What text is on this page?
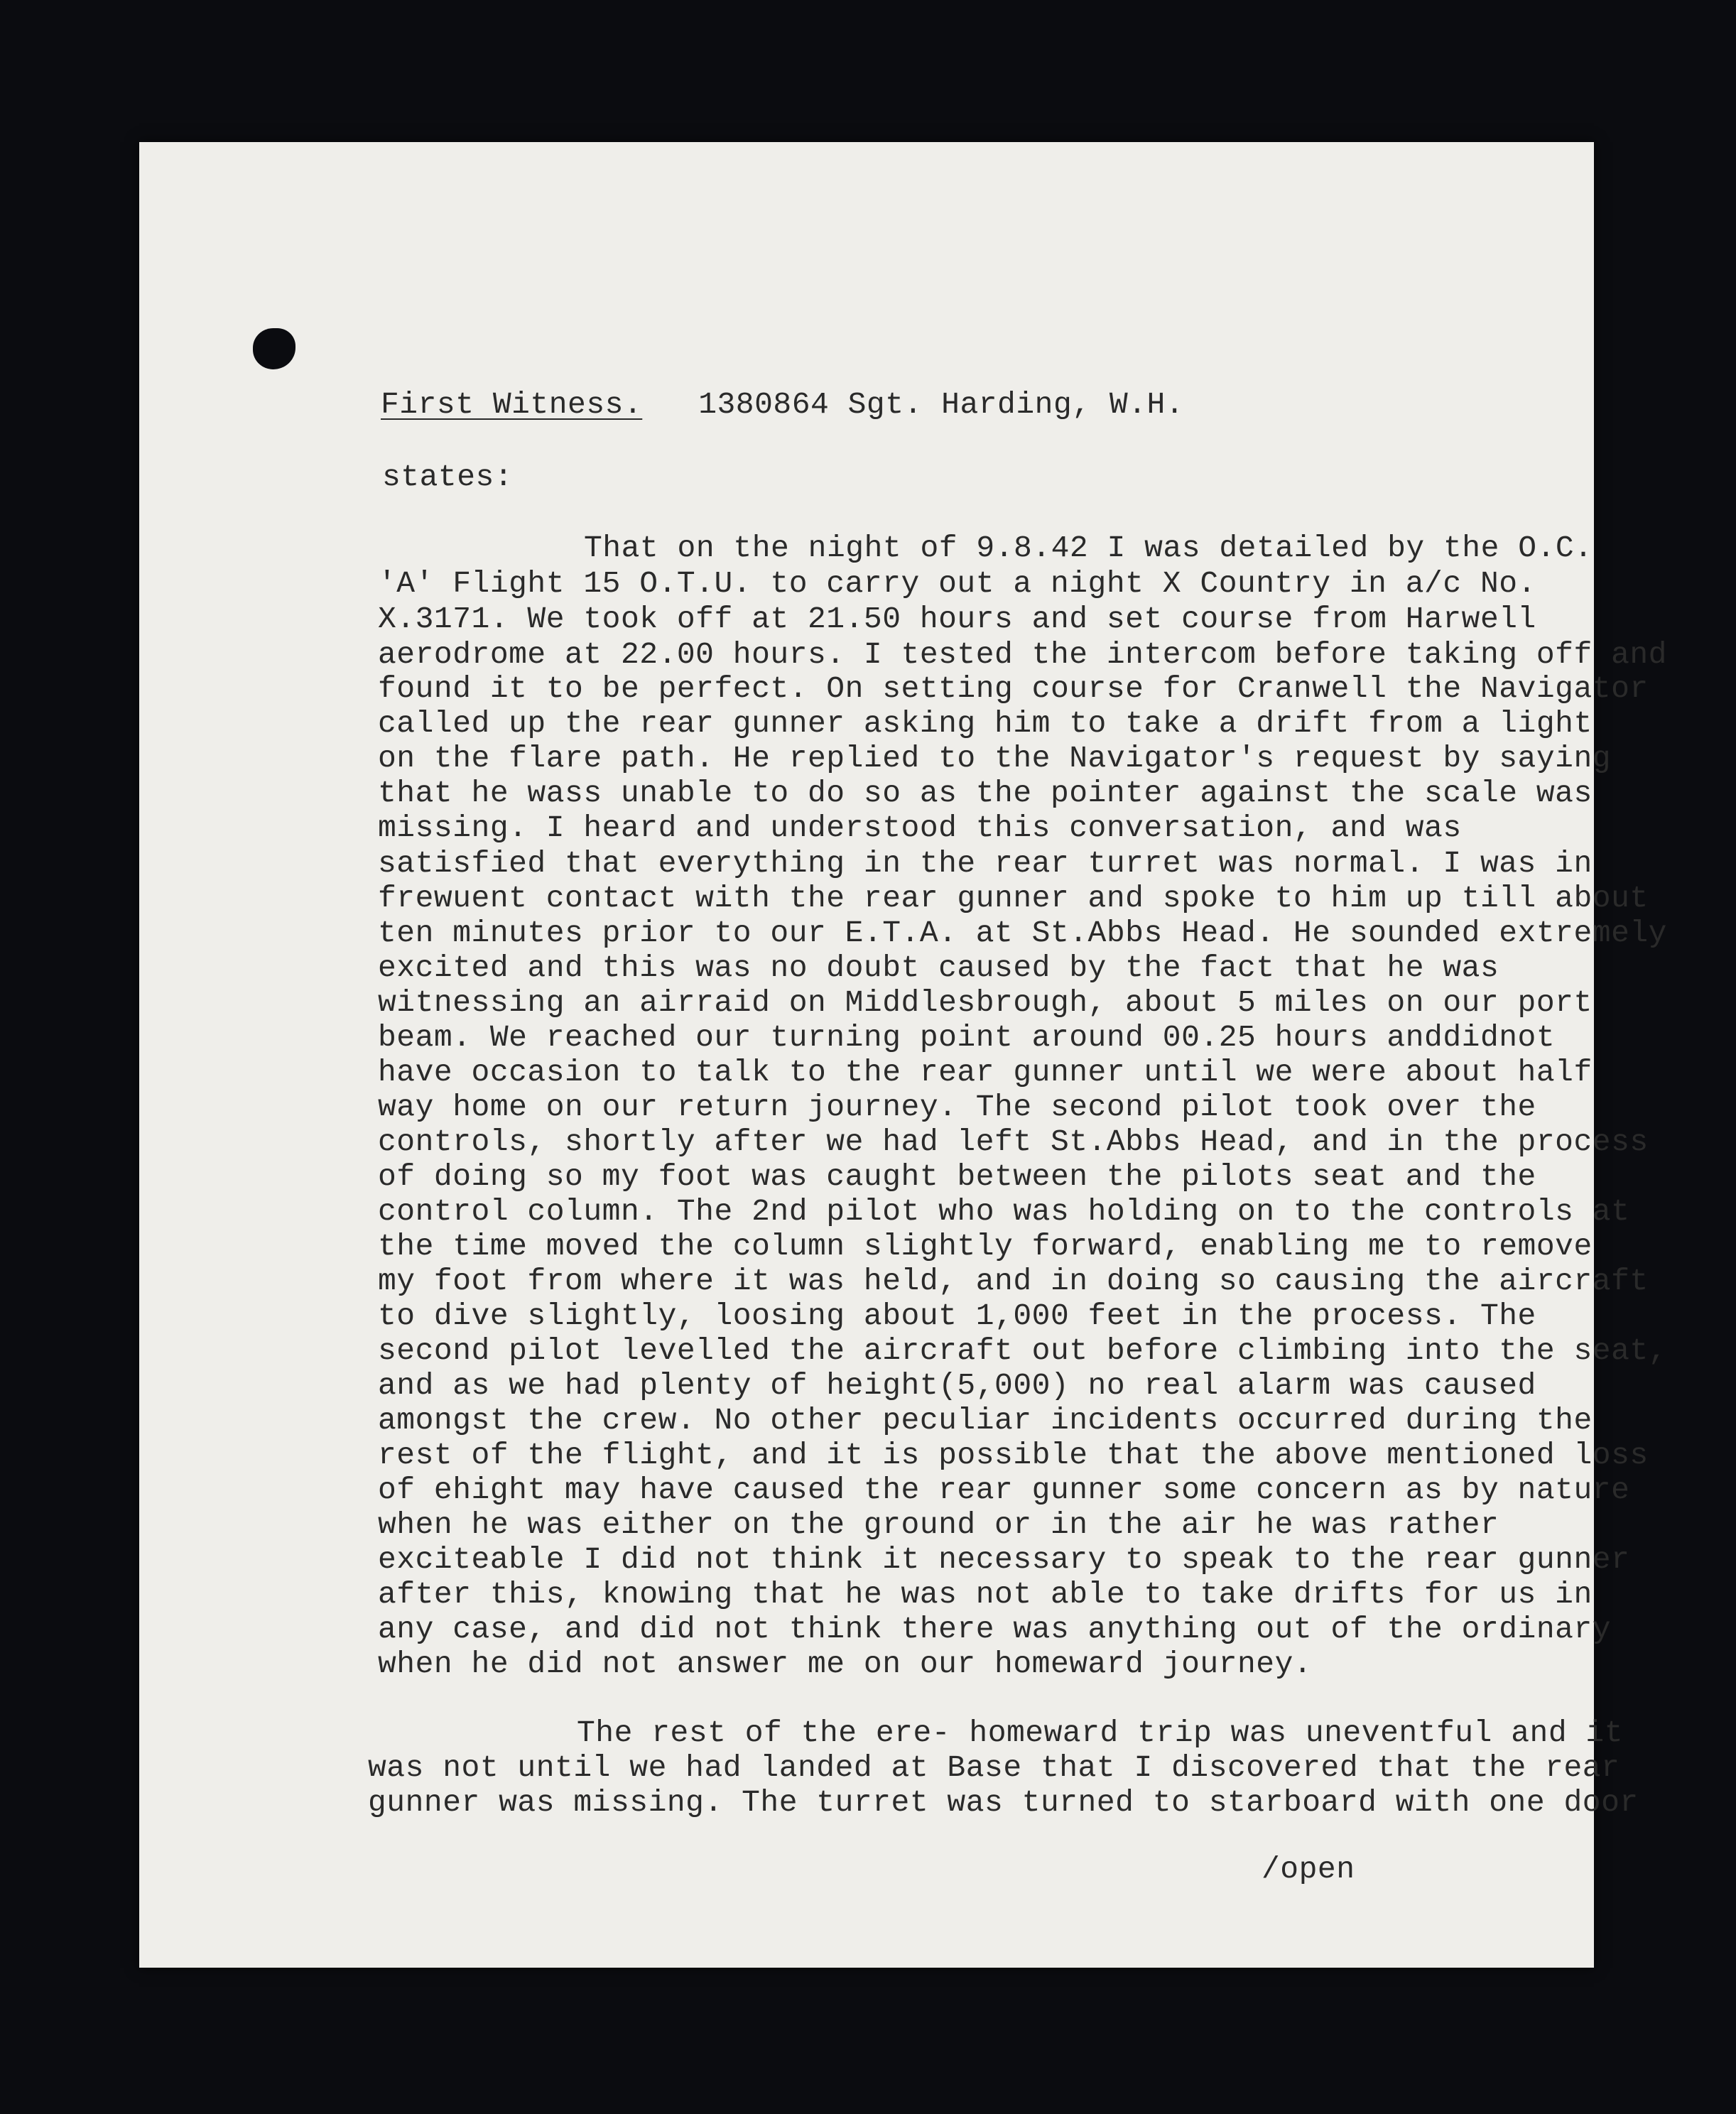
First Witness. 1380864 Sgt. Harding, W.H.

states:

That on the night of 9.8.42 I was detailed by the O.C.

'A' Flight 15 O.T.U. to carry out a night X Country in a/c No.

X.3171. We took off at 21.50 hours and set course from Harwell

aerodrome at 22.00 hours. I tested the intercom before taking off and

found it to be perfect. On setting course for Cranwell the Navigator

called up the rear gunner asking him to take a drift from a light

on the flare path. He replied to the Navigator's request by saying

that he wass unable to do so as the pointer against the scale was

missing. I heard and understood this conversation, and was

satisfied that everything in the rear turret was normal. I was in

frewuent contact with the rear gunner and spoke to him up till about

ten minutes prior to our E.T.A. at St.Abbs Head. He sounded extremely

excited and this was no doubt caused by the fact that he was

witnessing an airraid on Middlesbrough, about 5 miles on our port

beam. We reached our turning point around 00.25 hours anddidnot

have occasion to talk to the rear gunner until we were about half

way home on our return journey. The second pilot took over the

controls, shortly after we had left St.Abbs Head, and in the process

of doing so my foot was caught between the pilots seat and the

control column. The 2nd pilot who was holding on to the controls at

the time moved the column slightly forward, enabling me to remove

my foot from where it was held, and in doing so causing the aircraft

to dive slightly, loosing about 1,000 feet in the process. The

second pilot levelled the aircraft out before climbing into the seat,

and as we had plenty of height(5,000) no real alarm was caused

amongst the crew. No other peculiar incidents occurred during the

rest of the flight, and it is possible that the above mentioned loss

of ehight may have caused the rear gunner some concern as by nature

when he was either on the ground or in the air he was rather

exciteable I did not think it necessary to speak to the rear gunner

after this, knowing that he was not able to take drifts for us in

any case, and did not think there was anything out of the ordinary

when he did not answer me on our homeward journey.

The rest of the ere- homeward trip was uneventful and it

was not until we had landed at Base that I discovered that the rear

gunner was missing. The turret was turned to starboard with one door

/open
